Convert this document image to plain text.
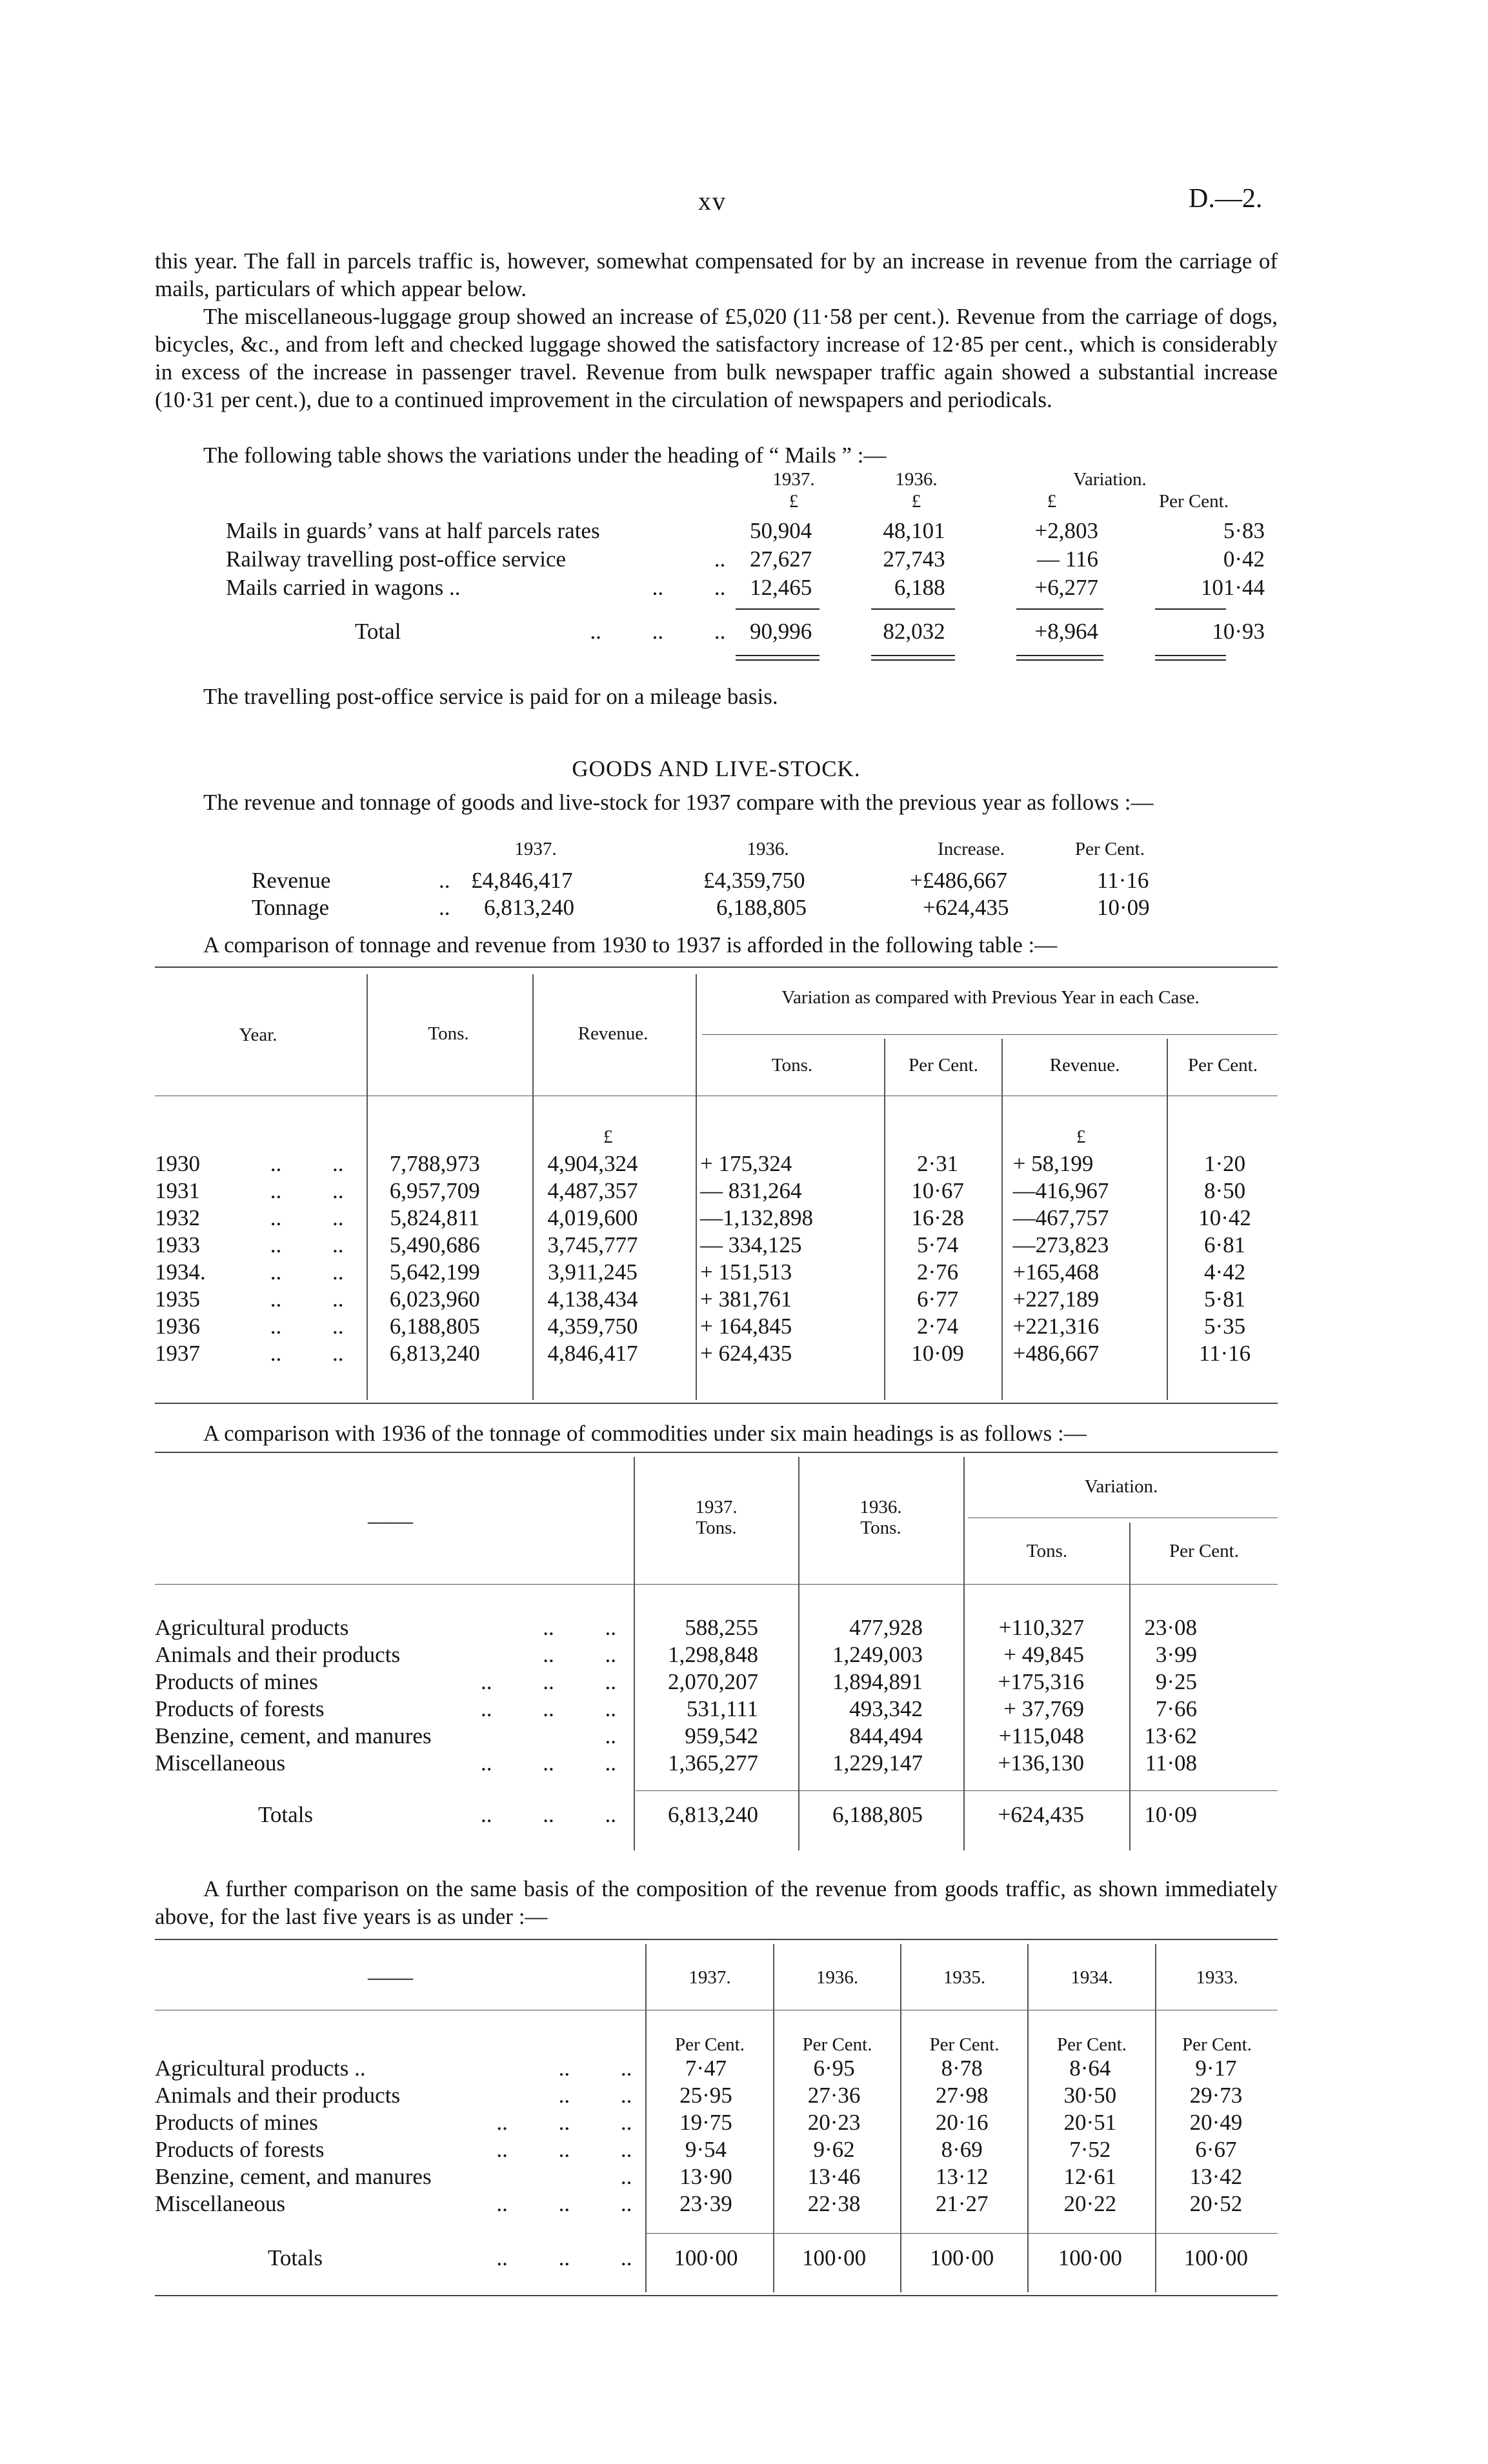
xv	D.—2.

this year. The fall in parcels traffic is, however, somewhat compensated for by an increase in revenue from the carriage of mails, particulars of which appear below.

The miscellaneous-luggage group showed an increase of £5,020 (11·58 per cent.). Revenue from the carriage of dogs, bicycles, &c., and from left and checked luggage showed the satisfactory increase of 12·85 per cent., which is considerably in excess of the increase in passenger travel. Revenue from bulk newspaper traffic again showed a substantial increase (10·31 per cent.), due to a continued improvement in the circulation of newspapers and periodicals.

The following table shows the variations under the heading of “ Mails ” :—

1937.	1936.	Variation.
£	£	£	Per Cent.
Mails in guards’ vans at half parcels rates	50,904	48,101	+2,803	5·83
Railway travelling post-office service ..	27,627	27,743	— 116	0·42
Mails carried in wagons .. .. ..	12,465	6,188	+6,277	101·44
Total	.. .. ..	90,996	82,032	+8,964	10·93

The travelling post-office service is paid for on a mileage basis.

GOODS AND LIVE-STOCK.

The revenue and tonnage of goods and live-stock for 1937 compare with the previous year as follows :—

1937.	1936.	Increase.	Per Cent.
Revenue	..	£4,846,417	£4,359,750	+£486,667	11·16
Tonnage	..	6,813,240	6,188,805	+624,435	10·09

A comparison of tonnage and revenue from 1930 to 1937 is afforded in the following table :—

Year.	Tons.	Revenue.
Variation as compared with Previous Year in each Case.
Tons.	Per Cent.	Revenue.	Per Cent.
£	£
1930 .. ..	7,788,973	4,904,324	+ 175,324	2·31	+ 58,199	1·20
1931 .. ..	6,957,709	4,487,357	— 831,264	10·67	—416,967	8·50
1932 .. ..	5,824,811	4,019,600	—1,132,898	16·28	—467,757	10·42
1933 .. ..	5,490,686	3,745,777	— 334,125	5·74	—273,823	6·81
1934. .. ..	5,642,199	3,911,245	+ 151,513	2·76	+165,468	4·42
1935 .. ..	6,023,960	4,138,434	+ 381,761	6·77	+227,189	5·81
1936 .. ..	6,188,805	4,359,750	+ 164,845	2·74	+221,316	5·35
1937 .. ..	6,813,240	4,846,417	+ 624,435	10·09	+486,667	11·16

A comparison with 1936 of the tonnage of commodities under six main headings is as follows :—

——
1937.
Tons.
1936.
Tons.
Variation.
Tons.	Per Cent.
Agricultural products .. ..	588,255	477,928	+110,327	23·08	
Animals and their products .. ..	1,298,848	1,249,003	+ 49,845	3·99	
Products of mines .. .. ..	2,070,207	1,894,891	+175,316	9·25	
Products of forests .. .. ..	531,111	493,342	+ 37,769	7·66	
Benzine, cement, and manures ..	959,542	844,494	+115,048	13·62	
Miscellaneous .. .. ..	1,365,277	1,229,147	+136,130	11·08	
Totals	.. .. ..	6,813,240	6,188,805	+624,435	10·09	

A further comparison on the same basis of the composition of the revenue from goods traffic, as shown immediately above, for the last five years is as under :—

——	1937.	1936.	1935.	1934.	1933.
Per Cent.	Per Cent.	Per Cent.	Per Cent.	Per Cent.
Agricultural products .. .. ..	7·47	6·95	8·78	8·64	9·17
Animals and their products .. ..	25·95	27·36	27·98	30·50	29·73
Products of mines .. .. ..	19·75	20·23	20·16	20·51	20·49
Products of forests .. .. ..	9·54	9·62	8·69	7·52	6·67
Benzine, cement, and manures ..	13·90	13·46	13·12	12·61	13·42
Miscellaneous .. .. ..	23·39	22·38	21·27	20·22	20·52
Totals	.. .. ..	100·00	100·00	100·00	100·00	100·00
